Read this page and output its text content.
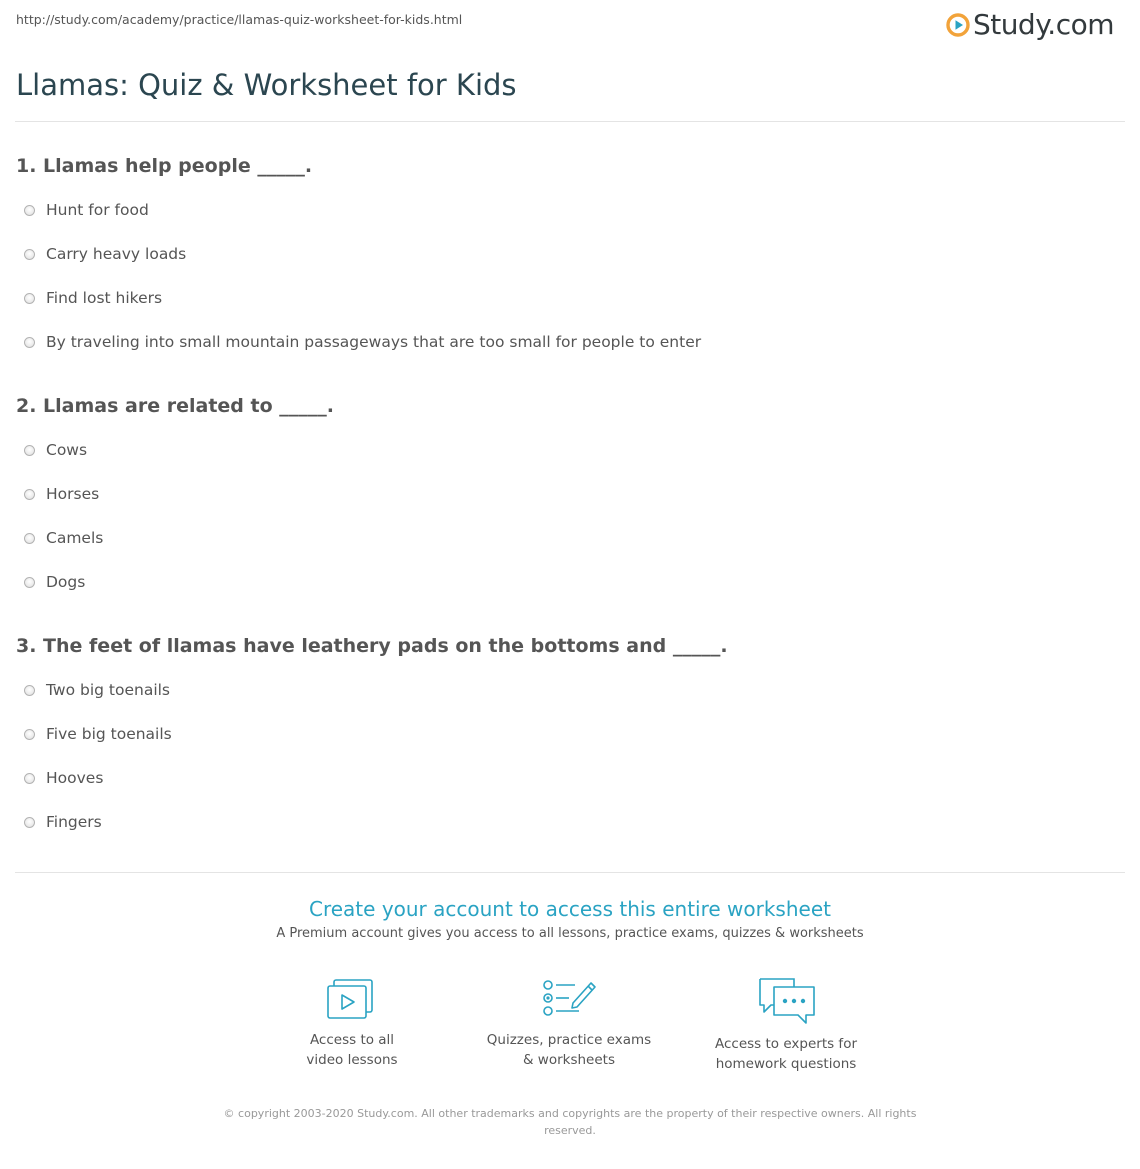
http://study.com/academy/practice/llamas-quiz-worksheet-for-kids.html	Study.com
Llamas: Quiz & Worksheet for Kids
1. Llamas help people _____.
Hunt for food
Carry heavy loads
Find lost hikers
By traveling into small mountain passageways that are too small for people to enter
2. Llamas are related to _____.
Cows
Horses
Camels
Dogs
3. The feet of llamas have leathery pads on the bottoms and _____.
Two big toenails
Five big toenails
Hooves
Fingers
Create your account to access this entire worksheet
A Premium account gives you access to all lessons, practice exams, quizzes & worksheets
Access to all
video lessons
Quizzes, practice exams
& worksheets
Access to experts for
homework questions
© copyright 2003-2020 Study.com. All other trademarks and copyrights are the property of their respective owners. All rights reserved.
